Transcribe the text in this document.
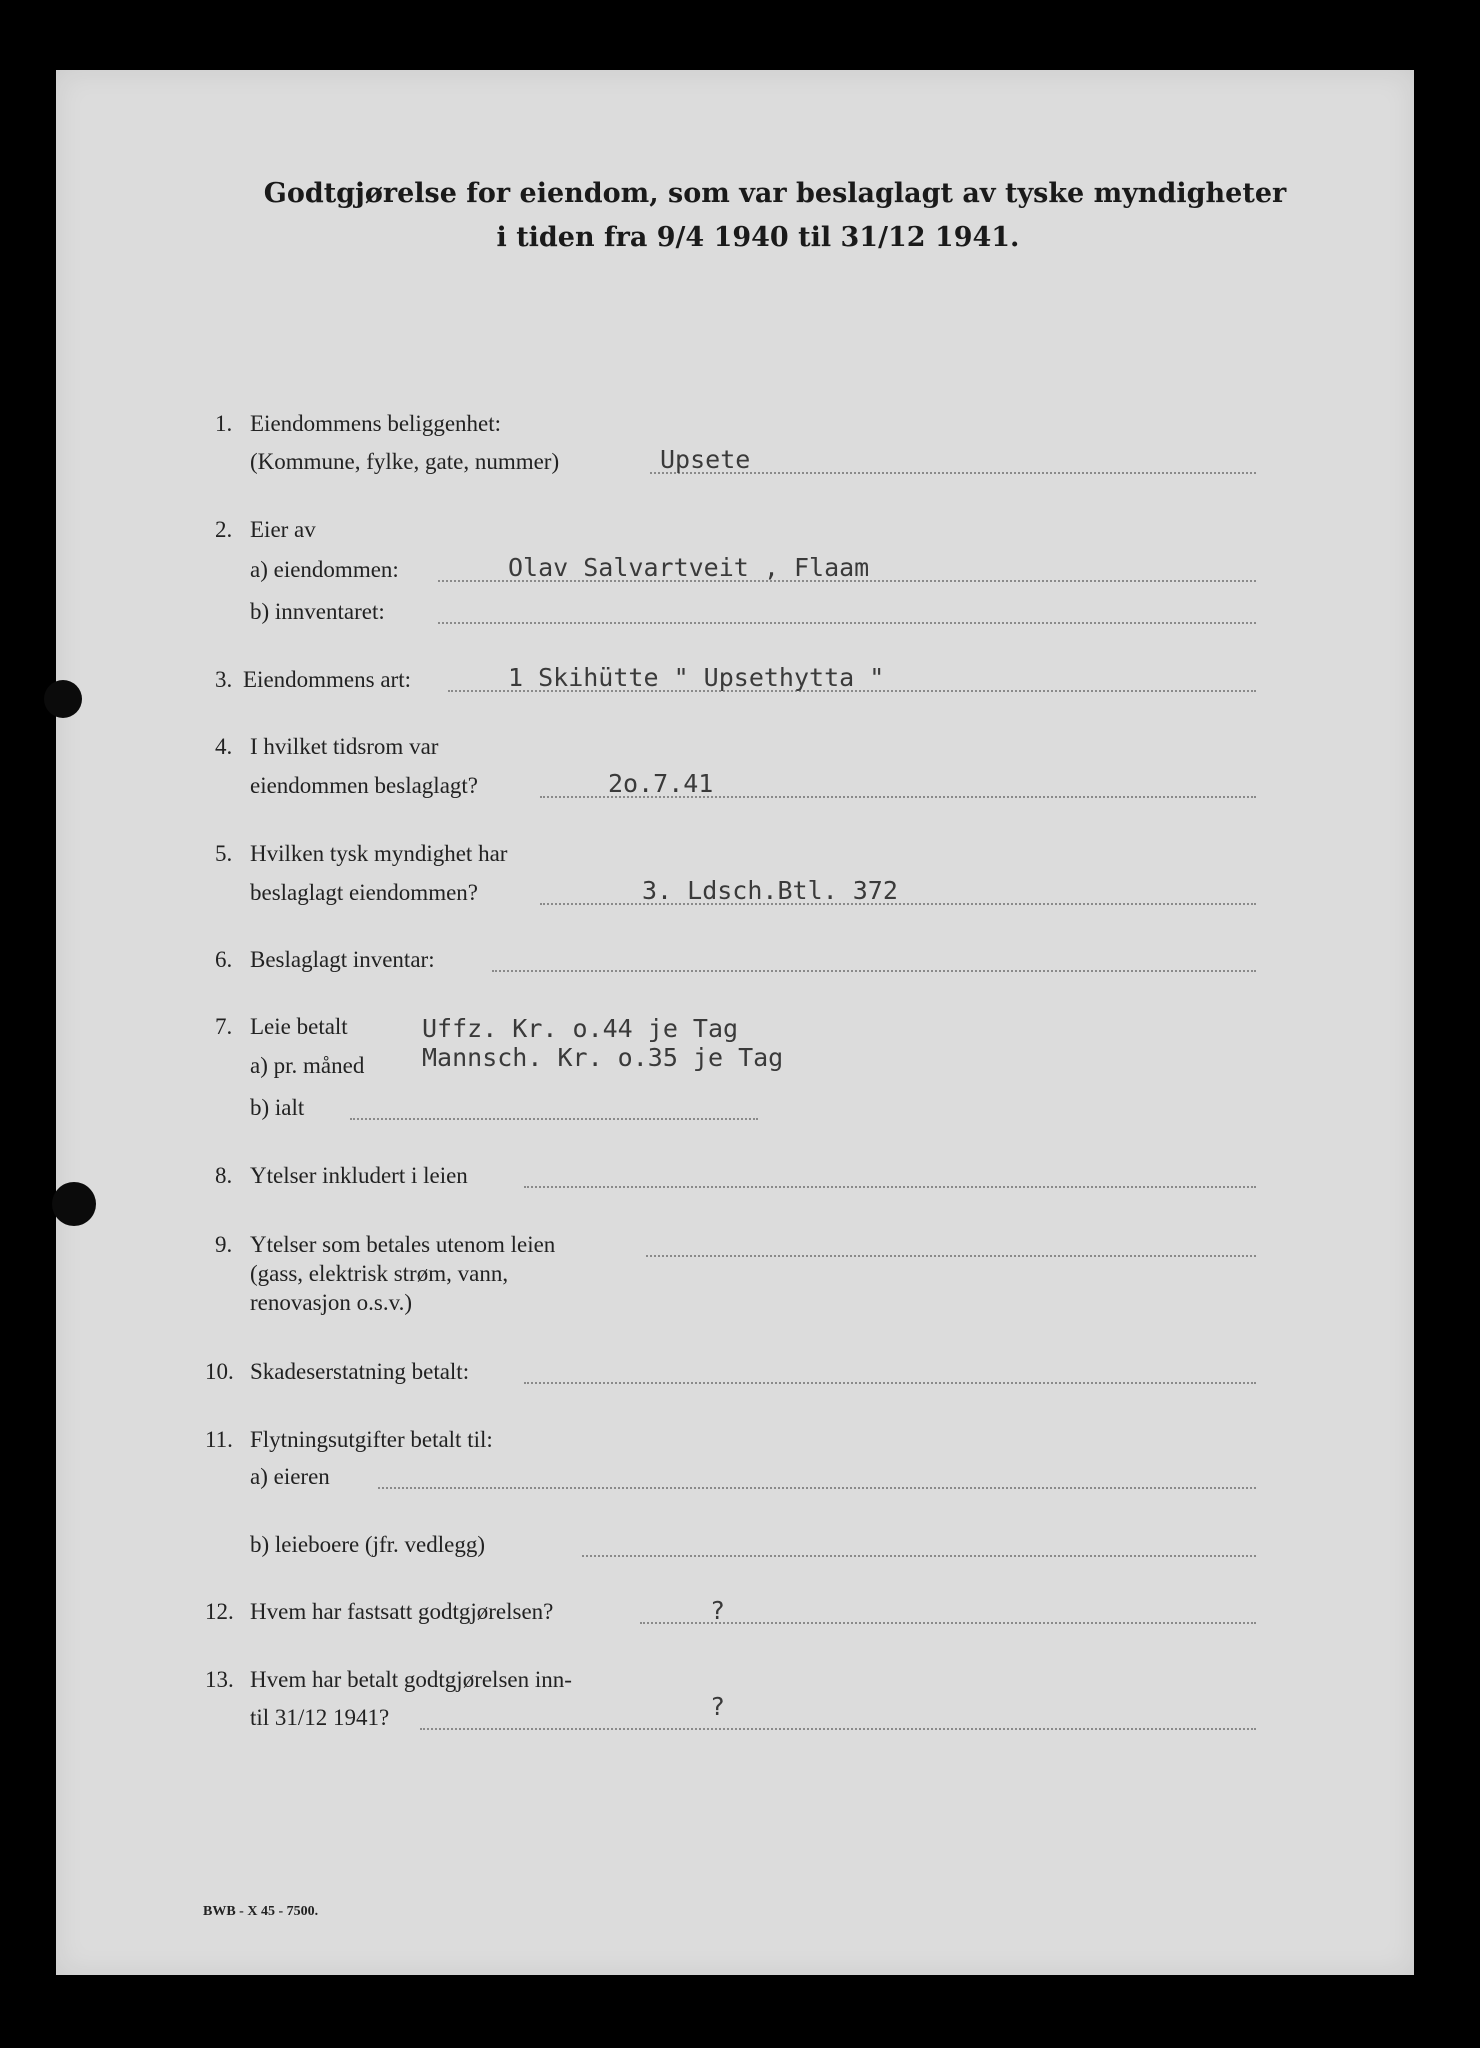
Godtgjørelse for eiendom, som var beslaglagt av tyske myndigheter
i tiden fra 9/4 1940 til 31/12 1941.
1. Eiendommens beliggenhet:
(Kommune, fylke, gate, nummer)	Upsete
2. Eier av
a) eiendommen:	Olav Salvartveit , Flaam
b) innventaret:
3. Eiendommens art:	1 Skihütte " Upsethytta "
4. I hvilket tidsrom var
eiendommen beslaglagt?	2o.7.41
5. Hvilken tysk myndighet har
beslaglagt eiendommen?	3. Ldsch.Btl. 372
6. Beslaglagt inventar:
7. Leie betalt	Uffz. Kr. o.44 je Tag
a) pr. måned Mannsch. Kr. o.35 je Tag
b) ialt
8. Ytelser inkludert i leien
9. Ytelser som betales utenom leien
(gass, elektrisk strøm, vann,
renovasjon o.s.v.)
10. Skadeserstatning betalt:
11. Flytningsutgifter betalt til:
a) eieren
b) leieboere (jfr. vedlegg)
12. Hvem har fastsatt godtgjørelsen?	?
13. Hvem har betalt godtgjørelsen inn-
til 31/12 1941?	?
BWB - X 45 - 7500.
